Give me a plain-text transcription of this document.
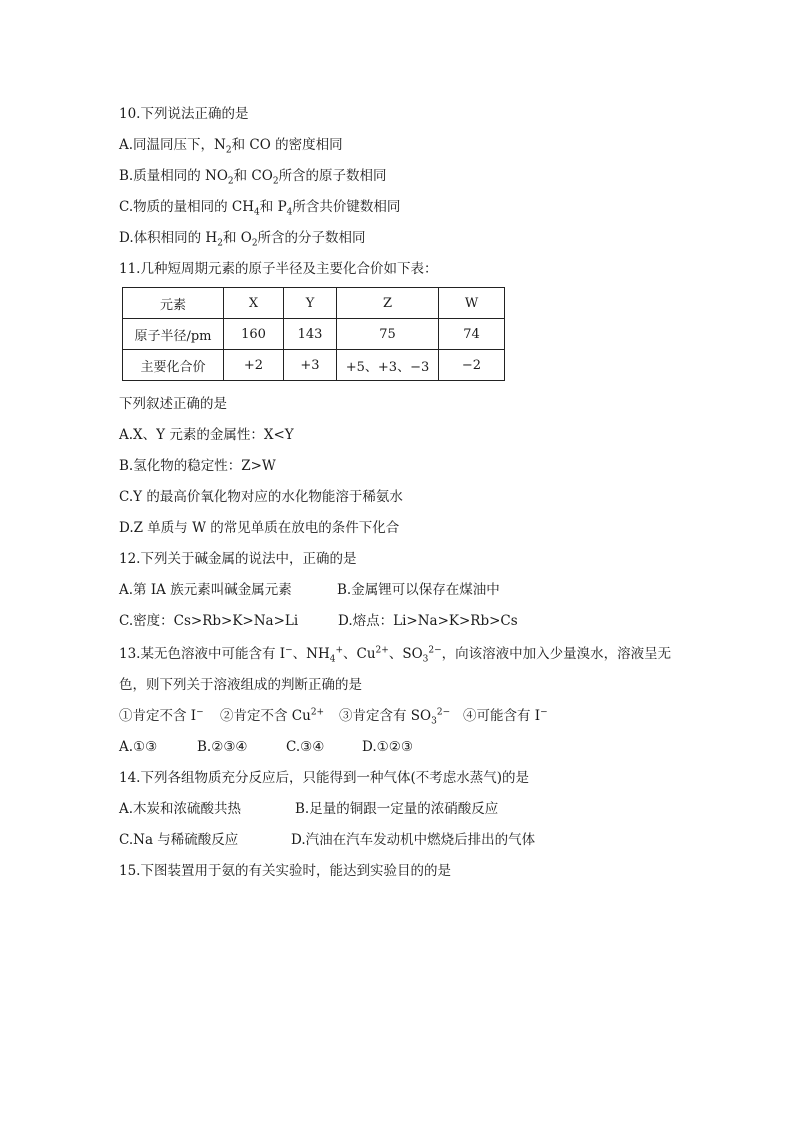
10.下列说法正确的是
A.同温同压下，$N_2$和 CO 的密度相同
B.质量相同的 $NO_2$和 $CO_2$所含的原子数相同
C.物质的量相同的 $CH_4$和 $P_4$所含共价键数相同
D.体积相同的 $H_2$和 $O_2$所含的分子数相同
11.几种短周期元素的原子半径及主要化合价如下表：
元素	X	Y	Z	W
原子半径/pm	160	143	75	74
主要化合价	+2	+3	+5、+3、−3	−2
下列叙述正确的是
A.X、Y 元素的金属性：X<Y
B.氢化物的稳定性：Z>W
C.Y 的最高价氧化物对应的水化物能溶于稀氨水
D.Z 单质与 W 的常见单质在放电的条件下化合
12.下列关于碱金属的说法中，正确的是
A.第 IA 族元素叫碱金属元素	B.金属锂可以保存在煤油中
C.密度：Cs>Rb>K>Na>Li	D.熔点：Li>Na>K>Rb>Cs
13.某无色溶液中可能含有 I−、$NH_4^+$、$Cu^{2+}$、$SO_3^{2-}$，向该溶液中加入少量溴水，溶液呈无
色，则下列关于溶液组成的判断正确的是
①肯定不含 I− ②肯定不含 $Cu^{2+}$ ③肯定含有 $SO_3^{2-}$ ④可能含有 I−
A.①③	B.②③④	C.③④	D.①②③
14.下列各组物质充分反应后，只能得到一种气体(不考虑水蒸气)的是
A.木炭和浓硫酸共热	B.足量的铜跟一定量的浓硝酸反应
C.Na 与稀硫酸反应	D.汽油在汽车发动机中燃烧后排出的气体
15.下图装置用于氨的有关实验时，能达到实验目的的是
